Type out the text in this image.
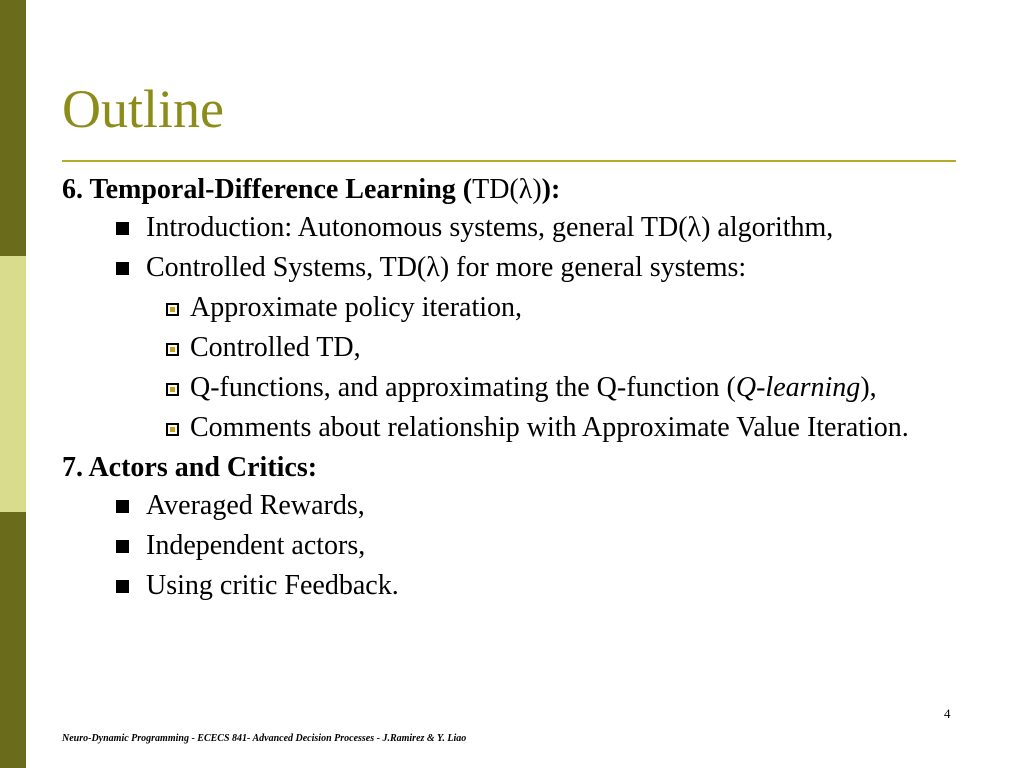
Outline
6. Temporal-Difference Learning (TD(λ)):
Introduction: Autonomous systems, general TD(λ) algorithm,
Controlled Systems, TD(λ) for more general systems:
Approximate policy iteration,
Controlled TD,
Q-functions, and approximating the Q-function (Q-learning),
Comments about relationship with Approximate Value Iteration.
7. Actors and Critics:
Averaged Rewards,
Independent actors,
Using critic Feedback.
4
Neuro-Dynamic Programming - ECECS 841- Advanced Decision Processes - J.Ramirez & Y. Liao
